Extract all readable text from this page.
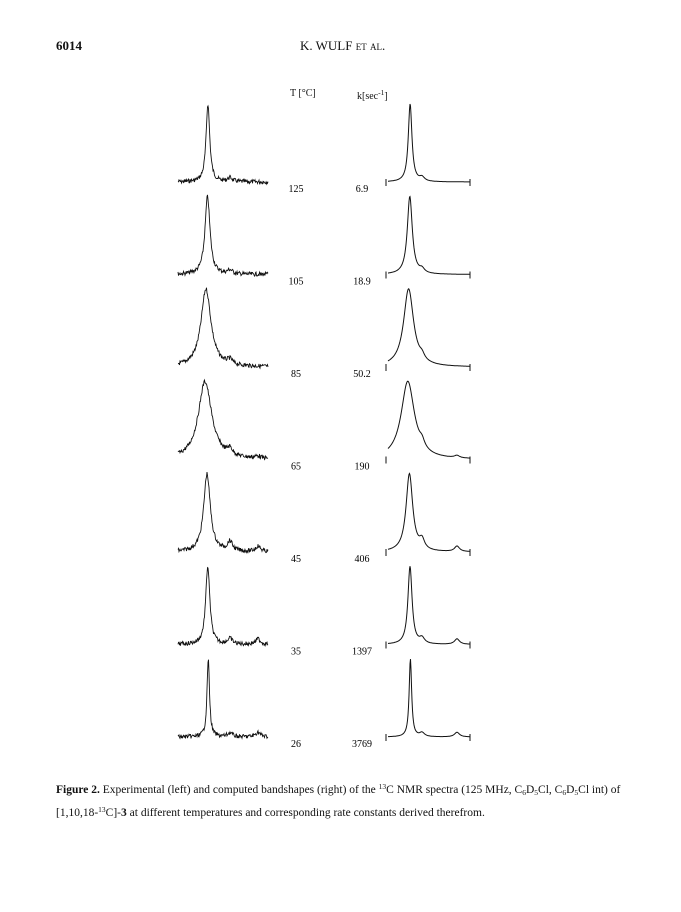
6014	K. WULF et al.
T [°C]	$k[\sec^{-1}]$
125	6.9
105	18.9
85	50.2
65	190
45	406
35	1397
26	3769
Figure 2. Experimental (left) and computed bandshapes (right) of the $^{13}$C NMR spectra (125 MHz, $C_6D_5Cl$, $C_6D_5Cl$ int) of [1,10,18-$^{13}$C]-3 at different temperatures and corresponding rate constants derived therefrom.
